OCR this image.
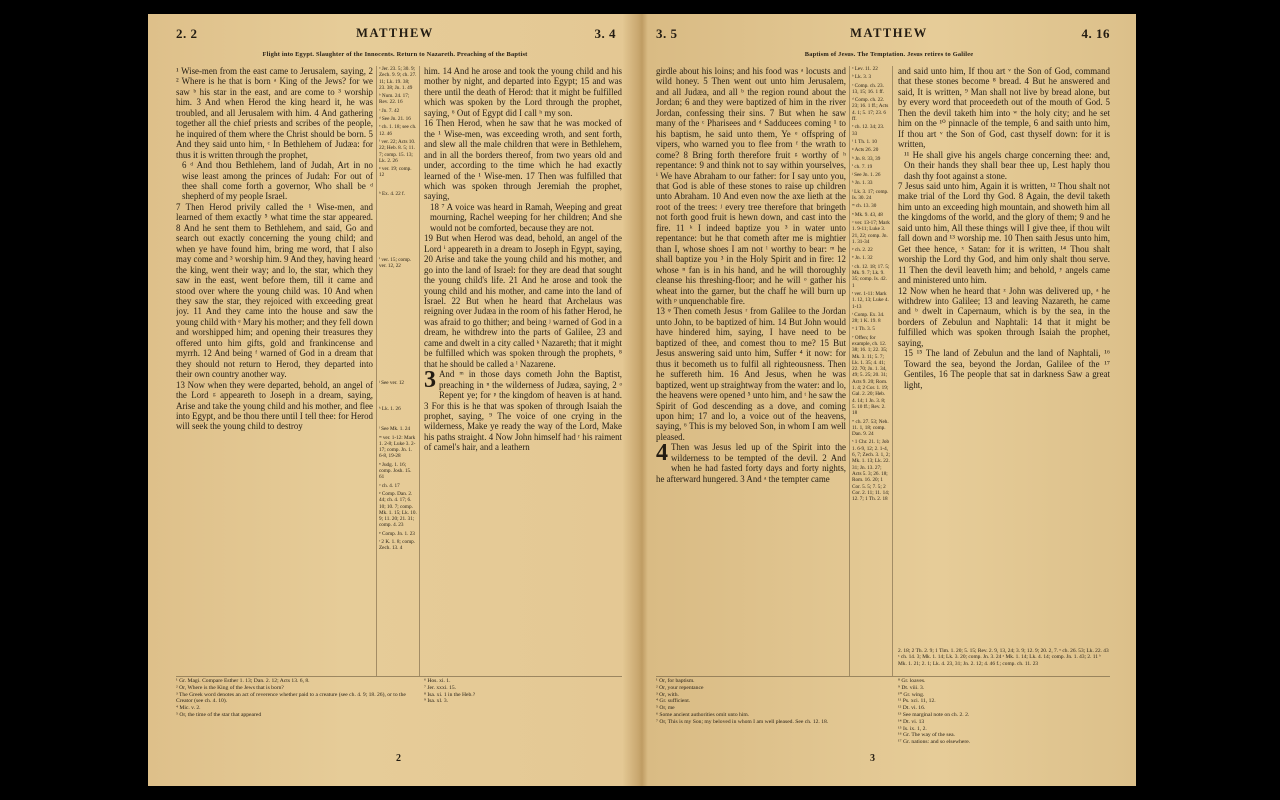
2. 2	MATTHEW	3. 4
Flight into Egypt. Slaughter of the Innocents. Return to Nazareth. Preaching of the Baptist

¹ Wise-men from the east came to Jerusalem, saying, 2 ² Where is he that is born ᵃ King of the Jews? for we saw ᵇ his star in the east, and are come to ³ worship him. 3 And when Herod the king heard it, he was troubled, and all Jerusalem with him. 4 And gathering together all the chief priests and scribes of the people, he inquired of them where the Christ should be born. 5 And they said unto him, ᶜ In Bethlehem of Judæa: for thus it is written through the prophet,

6 ᵈ And thou Bethlehem, land of Judah, Art in no wise least among the princes of Judah: For out of thee shall come forth a governor, Who shall be ᵈ shepherd of my people Israel.

7 Then Herod privily called the ¹ Wise-men, and learned of them exactly ⁵ what time the star appeared. 8 And he sent them to Bethlehem, and said, Go and search out exactly concerning the young child; and when ye have found him, bring me word, that I also may come and ³ worship him. 9 And they, having heard the king, went their way; and lo, the star, which they saw in the east, went before them, till it came and stood over where the young child was. 10 And when they saw the star, they rejoiced with exceeding great joy. 11 And they came into the house and saw the young child with ᵉ Mary his mother; and they fell down and worshipped him; and opening their treasures they offered unto him gifts, gold and frankincense and myrrh. 12 And being ᶠ warned of God in a dream that they should not return to Herod, they departed into their own country another way.

13 Now when they were departed, behold, an angel of the Lord ᵍ appeareth to Joseph in a dream, saying, Arise and take the young child and his mother, and flee into Egypt, and be thou there until I tell thee: for Herod will seek the young child to destroy

ᵃ Jer. 23. 5; 30. 9; Zech. 9. 9; ch. 27. 11; Lk. 19. 38; 23. 38; Jn. 1. 49
ᵇ Num. 24. 17; Rev. 22. 16
ᶜ Jn. 7. 42
ᵈ See Jn. 21. 16
ᵉ ch. 1. 18; see ch. 12. 46
ᶠ ver. 22; Acts 10. 22; Heb. 8. 5; 11. 7; comp. 15. 13; Lk. 2. 26
ᵍ ver. 19; comp. 12
ʰ Ex. 4. 22 f.
ⁱ ver. 15; comp. ver. 12, 22
ʲ See ver. 12
ᵏ Lk. 1. 26
ˡ See Mk. 1. 24
ᵐ ver. 1-12: Mark 1. 2-8; Luke 3. 2-17; comp. Jn. 1. 6-8, 19-28
ⁿ Judg. 1. 16; comp. Josh. 15. 61
ᵒ ch. 4. 17
ᵖ Comp. Dan. 2. 44; ch. 4. 17; 6. 10; 10. 7; comp. Mk. 1. 15; Lk. 10. 9; 11. 20; 21. 31; comp. 4. 23
ᵠ Comp. Jn. 1. 23
ʳ 2 K. 1. 8; comp. Zech. 13. 4

him. 14 And he arose and took the young child and his mother by night, and departed into Egypt; 15 and was there until the death of Herod: that it might be fulfilled which was spoken by the Lord through the prophet, saying, ⁶ Out of Egypt did I call ʰ my son.

16 Then Herod, when he saw that he was mocked of the ¹ Wise-men, was exceeding wroth, and sent forth, and slew all the male children that were in Bethlehem, and in all the borders thereof, from two years old and under, according to the time which he had exactly learned of the ¹ Wise-men. 17 Then was fulfilled that which was spoken through Jeremiah the prophet, saying,

18 ⁷ A voice was heard in Ramah, Weeping and great mourning, Rachel weeping for her children; And she would not be comforted, because they are not.

19 But when Herod was dead, behold, an angel of the Lord ⁱ appeareth in a dream to Joseph in Egypt, saying, 20 Arise and take the young child and his mother, and go into the land of Israel: for they are dead that sought the young child's life. 21 And he arose and took the young child and his mother, and came into the land of Israel. 22 But when he heard that Archelaus was reigning over Judæa in the room of his father Herod, he was afraid to go thither; and being ʲ warned of God in a dream, he withdrew into the parts of Galilee, 23 and came and dwelt in a city called ᵏ Nazareth; that it might be fulfilled which was spoken through the prophets, ⁸ that he should be called a ˡ Nazarene.

3 And ᵐ in those days cometh John the Baptist, preaching in ⁿ the wilderness of Judæa, saying, 2 ᵒ Repent ye; for ᵖ the kingdom of heaven is at hand. 3 For this is he that was spoken of through Isaiah the prophet, saying, ⁹ The voice of one crying in the wilderness, Make ye ready the way of the Lord, Make his paths straight. 4 Now John himself had ʳ his raiment of camel's hair, and a leathern

¹ Gr. Magi. Compare Esther 1. 13; Dan. 2. 12; Acts 13. 6, 8.
² Or, Where is the King of the Jews that is born?
³ The Greek word denotes an act of reverence whether paid to a creature (see ch. 4. 9; 18. 26), or to the Creator (see ch. 4. 10).
⁴ Mic. v. 2.
⁵ Or, the time of the star that appeared
⁶ Hos. xi. 1.
⁷ Jer. xxxi. 15.
⁸ Isa. xi. 1 in the Heb.?
⁹ Isa. xl. 3.
2
3. 5	MATTHEW	4. 16
Baptism of Jesus. The Temptation. Jesus retires to Galilee

girdle about his loins; and his food was ᵃ locusts and wild honey. 5 Then went out unto him Jerusalem, and all Judæa, and all ᵇ the region round about the Jordan; 6 and they were baptized of him in the river Jordan, confessing their sins. 7 But when he saw many of the ᶜ Pharisees and ᵈ Sadducees coming ¹ to his baptism, he said unto them, Ye ᵉ offspring of vipers, who warned you to flee from ᶠ the wrath to come? 8 Bring forth therefore fruit ᵍ worthy of ʰ repentance: 9 and think not to say within yourselves, ⁱ We have Abraham to our father: for I say unto you, that God is able of these stones to raise up children unto Abraham. 10 And even now the axe lieth at the root of the trees: ʲ every tree therefore that bringeth not forth good fruit is hewn down, and cast into the fire. 11 ᵏ I indeed baptize you ³ in water unto repentance: but he that cometh after me is mightier than I, whose shoes I am not ˡ worthy to bear: ᵐ he shall baptize you ³ in the Holy Spirit and in fire: 12 whose ⁿ fan is in his hand, and he will thoroughly cleanse his threshing-floor; and he will ᵒ gather his wheat into the garner, but the chaff he will burn up with ᵖ unquenchable fire.

13 ᵠ Then cometh Jesus ʳ from Galilee to the Jordan unto John, to be baptized of him. 14 But John would have hindered him, saying, I have need to be baptized of thee, and comest thou to me? 15 But Jesus answering said unto him, Suffer ⁴ it now: for thus it becometh us to fulfil all righteousness. Then he suffereth him. 16 And Jesus, when he was baptized, went up straightway from the water: and lo, the heavens were opened ⁵ unto him, and ᵗ he saw the Spirit of God descending as a dove, and coming upon him; 17 and lo, a voice out of the heavens, saying, ⁶ This is my beloved Son, in whom I am well pleased.

4 Then was Jesus led up of the Spirit into the wilderness to be tempted of the devil. 2 And when he had fasted forty days and forty nights, he afterward hungered. 3 And ᵃ the tempter came

ᵃ Lev. 11. 22
ᵇ Lk. 3. 3
ᶜ Comp. ch. 23. 13, 15; 16. 1 ff.
ᵈ Comp. ch. 22. 23; 16. 1 ff.; Acts 4. 1; 5. 17; 23. 6 ff.
ᵉ ch. 12. 34; 23. 33
ᶠ 1 Th. 1. 10
ᵍ Acts 26. 20
ʰ Jn. 8. 33, 39
ⁱ ch. 7. 19
ʲ See Jn. 1. 26
ᵏ Jn. 1. 33
ˡ Lk. 3. 17; comp. Is. 30. 24
ᵐ ch. 13. 30
ⁿ Mk. 9. 43, 48
ᵒ ver. 13-17; Mark 1. 9-11; Luke 3. 21, 22; comp. Jn. 1. 31-34
ᵖ ch. 2. 22
ᵠ Jn. 1. 32
ʳ ch. 12. 18; 17. 5; Mk. 9. 7; Lk. 9. 35; comp. Is. 42. 1
ˢ ver. 1-11: Mark 1. 12, 13; Luke 4. 1-13
ᵗ Comp. Ex. 34. 28; 1 K. 19. 8
ᵘ 1 Th. 3. 5
ᵛ Offen; for example, ch. 12. 38; 16. 1; 22. 35; Mk. 3. 11; 5. 7; Lk. 1. 35; 4. 41; 22. 70; Jn. 1. 34, 49; 5. 25; 20. 31; Acts 9. 20; Rom. 1. 4; 2 Cor. 1. 19; Gal. 2. 20; Heb. 4. 14; 1 Jn. 3. 8; 5. 10 ff.; Rev. 2. 18
ʷ ch. 27. 53; Neh. 11. 1, 18; comp. Dan. 9. 24
ˣ 1 Chr. 21. 1; Job 1. 6-9, 12; 2. 1-4, 6, 7; Zech. 3. 1, 2; Mk. 1. 13; Lk. 22. 31; Jn. 13. 27; Acts 5. 3; 26. 18; Rom. 16. 20; 1 Cor. 5. 5; 7. 5; 2 Cor. 2. 11; 11. 14; 12. 7; 1 Th. 2. 18

and said unto him, If thou art ᵛ the Son of God, command that these stones become ⁸ bread. 4 But he answered and said, It is written, ⁹ Man shall not live by bread alone, but by every word that proceedeth out of the mouth of God. 5 Then the devil taketh him into ʷ the holy city; and he set him on the ¹⁰ pinnacle of the temple, 6 and saith unto him, If thou art ᵛ the Son of God, cast thyself down: for it is written,

¹¹ He shall give his angels charge concerning thee: and, On their hands they shall bear thee up, Lest haply thou dash thy foot against a stone.

7 Jesus said unto him, Again it is written, ¹² Thou shalt not make trial of the Lord thy God. 8 Again, the devil taketh him unto an exceeding high mountain, and showeth him all the kingdoms of the world, and the glory of them; 9 and he said unto him, All these things will I give thee, if thou wilt fall down and ¹³ worship me. 10 Then saith Jesus unto him, Get thee hence, ˣ Satan: for it is written, ¹⁴ Thou shalt worship the Lord thy God, and him only shalt thou serve. 11 Then the devil leaveth him; and behold, ʸ angels came and ministered unto him.

12 Now when he heard that ᶻ John was delivered up, ᵃ he withdrew into Galilee; 13 and leaving Nazareth, he came and ᵇ dwelt in Capernaum, which is by the sea, in the borders of Zebulun and Naphtali: 14 that it might be fulfilled which was spoken through Isaiah the prophet, saying,

15 ¹⁵ The land of Zebulun and the land of Naphtali, ¹⁶ Toward the sea, beyond the Jordan, Galilee of the ¹⁷ Gentiles, 16 The people that sat in darkness Saw a great light,

2. 18; 2 Th. 2. 9; 1 Tim. 1. 20; 5. 15; Rev. 2. 9, 13, 24; 3. 9; 12. 9; 20. 2, 7. ʸ ch. 26. 53; Lk. 22. 43 ᶻ ch. 14. 3; Mk. 1. 14; Lk. 3. 20; comp. Jn. 3. 24 ᵃ Mk. 1. 14; Lk. 4. 14; comp. Jn. 1. 43; 2. 11 ᵇ Mk. 1. 21; 2. 1; Lk. 4. 23, 31; Jn. 2. 12; 4. 46 f.; comp. ch. 11. 23
¹ Or, for baptism.
² Or, your repentance
³ Or, with.
⁴ Gr. sufficient.
⁵ Or, me
⁶ Some ancient authorities omit unto him.
⁷ Or, This is my Son; my beloved in whom I am well pleased. See ch. 12. 18.
⁸ Gr. loaves.
⁹ Dt. viii. 3.
¹⁰ Gr. wing.
¹¹ Ps. xci. 11, 12.
¹² Dt. vi. 16.
¹³ See marginal note on ch. 2. 2.
¹⁴ Dt. vi. 13
¹⁵ Is. ix. 1, 2.
¹⁶ Gr. The way of the sea.
¹⁷ Gr. nations: and so elsewhere.
3
